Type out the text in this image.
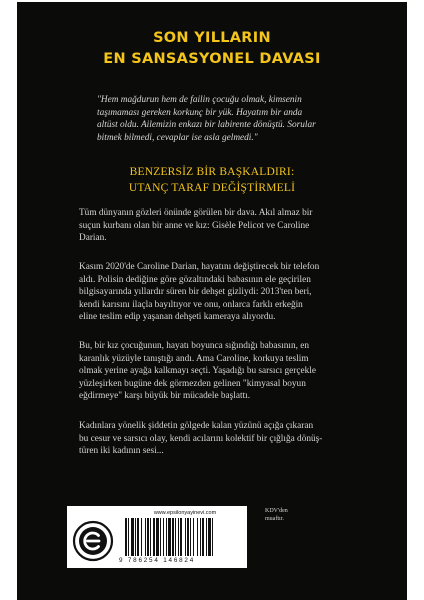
SON YILLARIN
EN SANSASYONEL DAVASI
"Hem mağdurun hem de failin çocuğu olmak, kimsenin
taşımaması gereken korkunç bir yük. Hayatım bir anda
altüst oldu. Ailemizin enkazı bir labirente dönüştü. Sorular
bitmek bilmedi, cevaplar ise asla gelmedi."
BENZERSİZ BİR BAŞKALDIRI:
UTANÇ TARAF DEĞİŞTİRMELİ
Tüm dünyanın gözleri önünde görülen bir dava. Akıl almaz bir
suçun kurbanı olan bir anne ve kız: Gisèle Pelicot ve Caroline
Darian.
Kasım 2020'de Caroline Darian, hayatını değiştirecek bir telefon
aldı. Polisin dediğine göre gözaltındaki babasının ele geçirilen
bilgisayarında yıllardır süren bir dehşet gizliydi: 2013'ten beri,
kendi karısını ilaçla bayıltıyor ve onu, onlarca farklı erkeğin
eline teslim edip yaşanan dehşeti kameraya alıyordu.
Bu, bir kız çocuğunun, hayatı boyunca sığındığı babasının, en
karanlık yüzüyle tanıştığı andı. Ama Caroline, korkuya teslim
olmak yerine ayağa kalkmayı seçti. Yaşadığı bu sarsıcı gerçekle
yüzleşirken bugüne dek görmezden gelinen "kimyasal boyun
eğdirmeye" karşı büyük bir mücadele başlattı.
Kadınlara yönelik şiddetin gölgede kalan yüzünü açığa çıkaran
bu cesur ve sarsıcı olay, kendi acılarını kolektif bir çığlığa dönüş-
türen iki kadının sesi...
www.epsilonyayinevi.com
9 786254 146824
KDV'den
muaftır.
